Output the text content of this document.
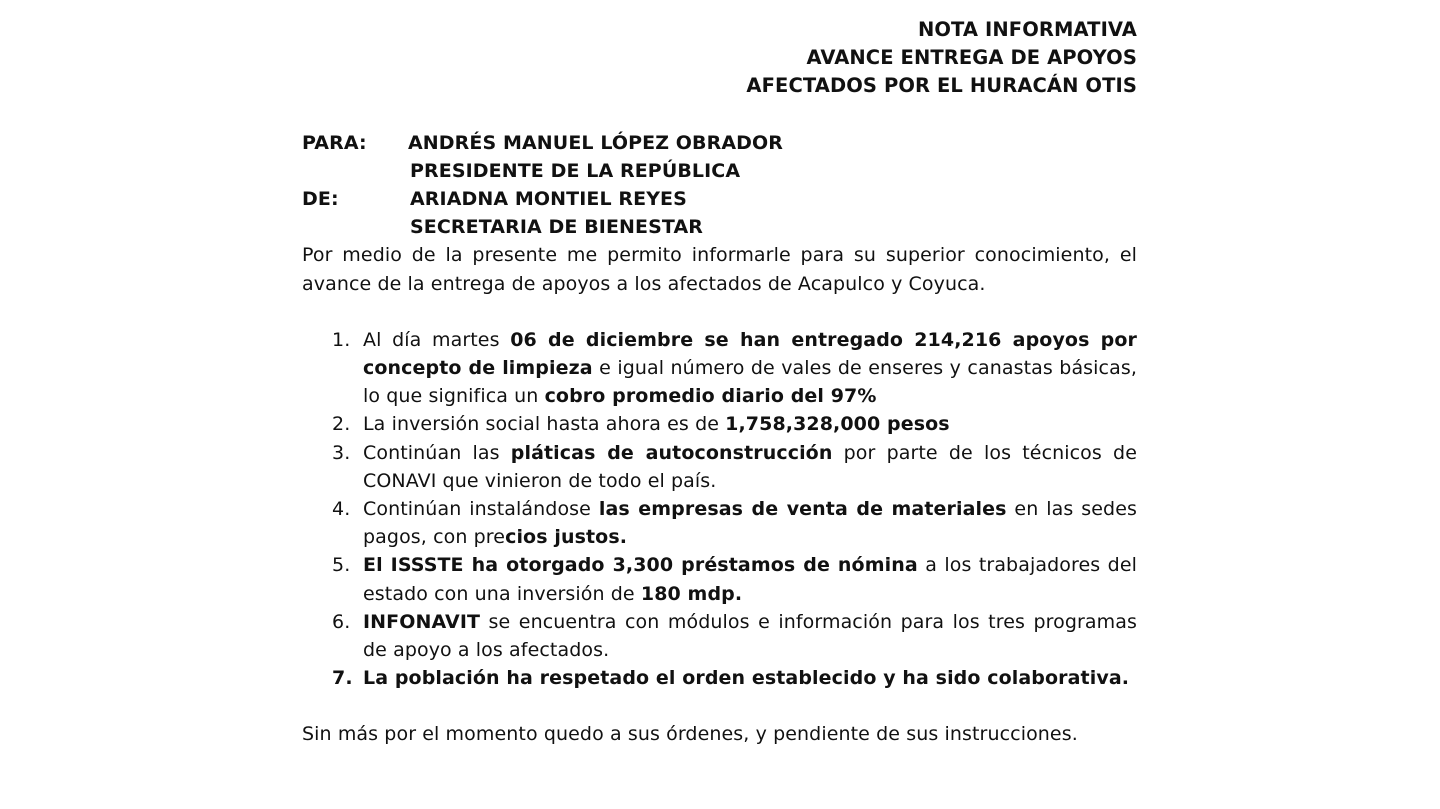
NOTA INFORMATIVA
AVANCE ENTREGA DE APOYOS
AFECTADOS POR EL HURACÁN OTIS
PARA:	ANDRÉS MANUEL LÓPEZ OBRADOR
PRESIDENTE DE LA REPÚBLICA
DE:	ARIADNA MONTIEL REYES
SECRETARIA DE BIENESTAR
Por medio de la presente me permito informarle para su superior conocimiento, el avance de la entrega de apoyos a los afectados de Acapulco y Coyuca.
1. Al día martes 06 de diciembre se han entregado 214,216 apoyos por concepto de limpieza e igual número de vales de enseres y canastas básicas, lo que significa un cobro promedio diario del 97%
2. La inversión social hasta ahora es de 1,758,328,000 pesos
3. Continúan las pláticas de autoconstrucción por parte de los técnicos de CONAVI que vinieron de todo el país.
4. Continúan instalándose las empresas de venta de materiales en las sedes pagos, con precios justos.
5. El ISSSTE ha otorgado 3,300 préstamos de nómina a los trabajadores del estado con una inversión de 180 mdp.
6. INFONAVIT se encuentra con módulos e información para los tres programas de apoyo a los afectados.
7. La población ha respetado el orden establecido y ha sido colaborativa.
Sin más por el momento quedo a sus órdenes, y pendiente de sus instrucciones.
